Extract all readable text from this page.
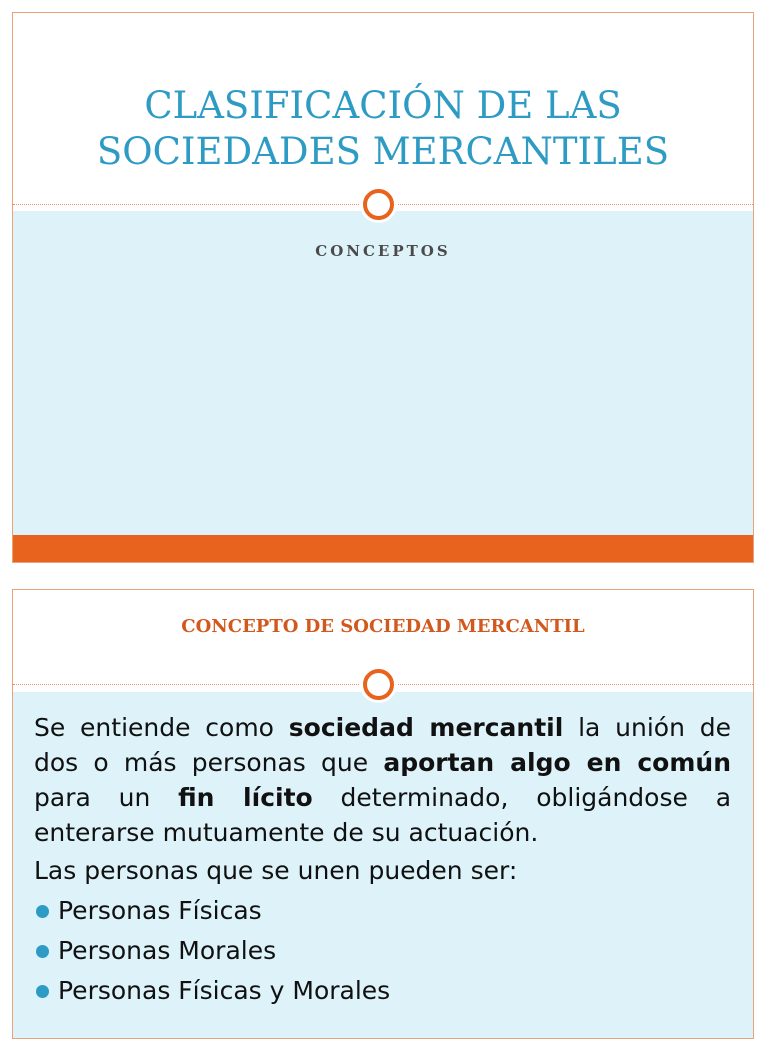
CLASIFICACIÓN DE LAS
SOCIEDADES MERCANTILES
CONCEPTOS
CONCEPTO DE SOCIEDAD MERCANTIL

Se entiende como sociedad mercantil la unión de dos o más personas que aportan algo en común para un fin lícito determinado, obligándose a enterarse mutuamente de su actuación.

Las personas que se unen pueden ser:

Personas Físicas
Personas Morales
Personas Físicas y Morales
